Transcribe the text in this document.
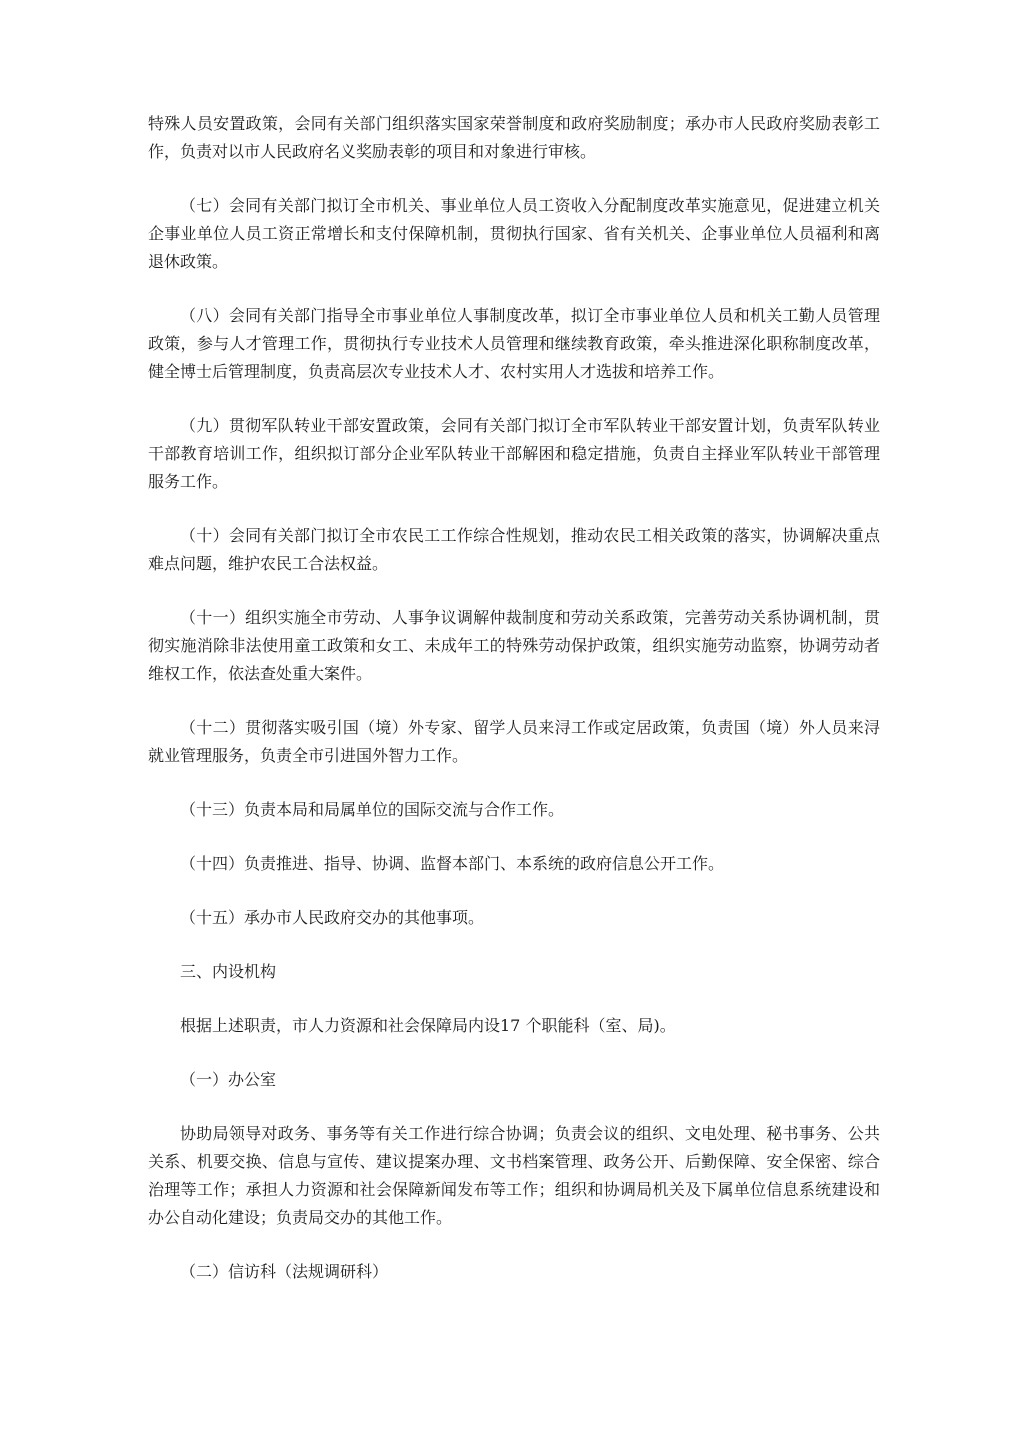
特殊人员安置政策，会同有关部门组织落实国家荣誉制度和政府奖励制度；承办市人民政府奖励表彰工作，负责对以市人民政府名义奖励表彰的项目和对象进行审核。

（七）会同有关部门拟订全市机关、事业单位人员工资收入分配制度改革实施意见，促进建立机关企事业单位人员工资正常增长和支付保障机制，贯彻执行国家、省有关机关、企事业单位人员福利和离退休政策。

（八）会同有关部门指导全市事业单位人事制度改革，拟订全市事业单位人员和机关工勤人员管理政策，参与人才管理工作，贯彻执行专业技术人员管理和继续教育政策，牵头推进深化职称制度改革，健全博士后管理制度，负责高层次专业技术人才、农村实用人才选拔和培养工作。

（九）贯彻军队转业干部安置政策，会同有关部门拟订全市军队转业干部安置计划，负责军队转业干部教育培训工作，组织拟订部分企业军队转业干部解困和稳定措施，负责自主择业军队转业干部管理服务工作。

（十）会同有关部门拟订全市农民工工作综合性规划，推动农民工相关政策的落实，协调解决重点难点问题，维护农民工合法权益。

（十一）组织实施全市劳动、人事争议调解仲裁制度和劳动关系政策，完善劳动关系协调机制，贯彻实施消除非法使用童工政策和女工、未成年工的特殊劳动保护政策，组织实施劳动监察，协调劳动者维权工作，依法查处重大案件。

（十二）贯彻落实吸引国（境）外专家、留学人员来浔工作或定居政策，负责国（境）外人员来浔就业管理服务，负责全市引进国外智力工作。

（十三）负责本局和局属单位的国际交流与合作工作。

（十四）负责推进、指导、协调、监督本部门、本系统的政府信息公开工作。

（十五）承办市人民政府交办的其他事项。

三、内设机构

根据上述职责，市人力资源和社会保障局内设17 个职能科（室、局)。

（一）办公室

协助局领导对政务、事务等有关工作进行综合协调；负责会议的组织、文电处理、秘书事务、公共关系、机要交换、信息与宣传、建议提案办理、文书档案管理、政务公开、后勤保障、安全保密、综合治理等工作；承担人力资源和社会保障新闻发布等工作；组织和协调局机关及下属单位信息系统建设和办公自动化建设；负责局交办的其他工作。

（二）信访科（法规调研科）
